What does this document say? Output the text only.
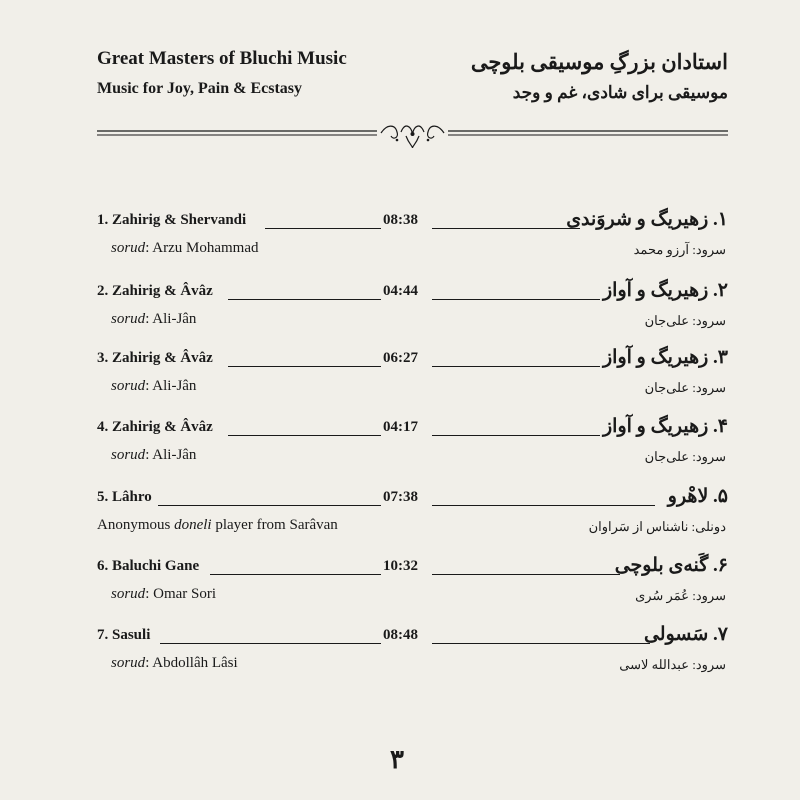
Great Masters of Bluchi Music
Music for Joy, Pain & Ecstasy
استادان بزرگِ موسیقی بلوچی
موسیقی برای شادی، غم و وجد
1. Zahirig & Shervandi	08:38	۱. زهیریگ و شروَندی
sorud: Arzu Mohammad	سرود: آرزو محمد
2. Zahirig & Âvâz	04:44	۲. زهیریگ و آواز
sorud: Ali-Jân	سرود: علی‌جان
3. Zahirig & Âvâz	06:27	۳. زهیریگ و آواز
sorud: Ali-Jân	سرود: علی‌جان
4. Zahirig & Âvâz	04:17	۴. زهیریگ و آواز
sorud: Ali-Jân	سرود: علی‌جان
5. Lâhro	07:38	۵. لاهْرو
Anonymous doneli player from Sarâvan	دونلی: ناشناس از سَراوان
6. Baluchi Gane	10:32	۶. گَنه‌ی بلوچی
sorud: Omar Sori	سرود: عُمَر سُری
7. Sasuli	08:48	۷. سَسولی
sorud: Abdollâh Lâsi	سرود: عبدالله لاسی
۳
